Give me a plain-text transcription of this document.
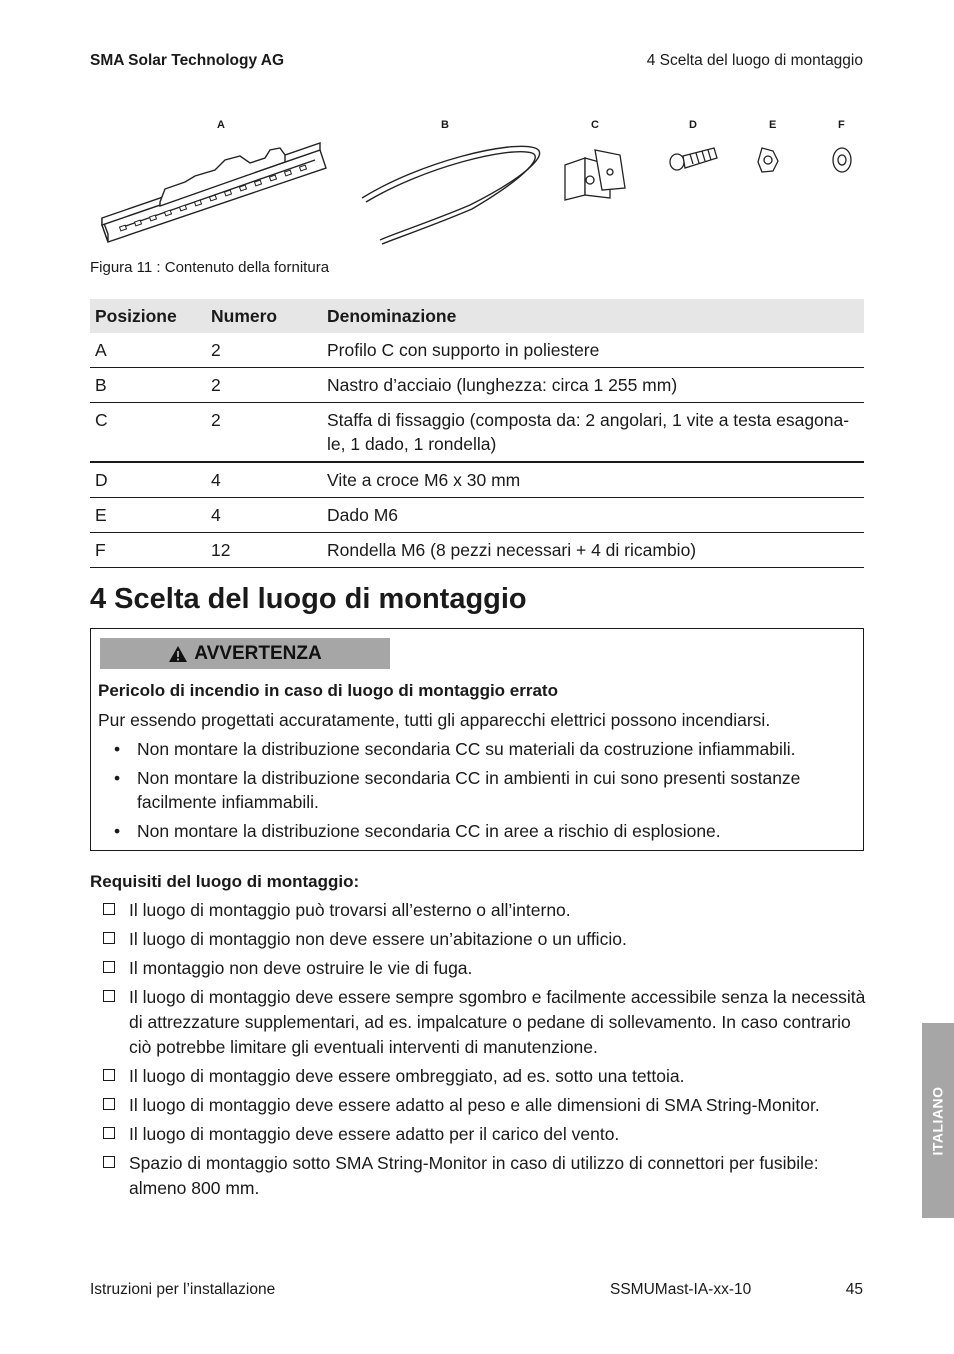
SMA Solar Technology AG	4 Scelta del luogo di montaggio
A	B	C	D	E	F
Figura 11 : Contenuto della fornitura
Posizione	Numero	Denominazione
A	2	Profilo C con supporto in poliestere
B	2	Nastro d’acciaio (lunghezza: circa 1 255 mm)
C	2	Staffa di fissaggio (composta da: 2 angolari, 1 vite a testa esagona-le, 1 dado, 1 rondella)
D	4	Vite a croce M6 x 30 mm
E	4	Dado M6
F	12	Rondella M6 (8 pezzi necessari + 4 di ricambio)
4 Scelta del luogo di montaggio
AVVERTENZA
Pericolo di incendio in caso di luogo di montaggio errato
Pur essendo progettati accuratamente, tutti gli apparecchi elettrici possono incendiarsi.
• Non montare la distribuzione secondaria CC su materiali da costruzione infiammabili.
• Non montare la distribuzione secondaria CC in ambienti in cui sono presenti sostanze facilmente infiammabili.
• Non montare la distribuzione secondaria CC in aree a rischio di esplosione.
Requisiti del luogo di montaggio:
Il luogo di montaggio può trovarsi all’esterno o all’interno.
Il luogo di montaggio non deve essere un’abitazione o un ufficio.
Il montaggio non deve ostruire le vie di fuga.
Il luogo di montaggio deve essere sempre sgombro e facilmente accessibile senza la necessità di attrezzature supplementari, ad es. impalcature o pedane di sollevamento. In caso contrario ciò potrebbe limitare gli eventuali interventi di manutenzione.
Il luogo di montaggio deve essere ombreggiato, ad es. sotto una tettoia.
Il luogo di montaggio deve essere adatto al peso e alle dimensioni di SMA String-Monitor.
Il luogo di montaggio deve essere adatto per il carico del vento.
Spazio di montaggio sotto SMA String-Monitor in caso di utilizzo di connettori per fusibile: almeno 800 mm.
ITALIANO
Istruzioni per l’installazione	SSMUMast-IA-xx-10	45
